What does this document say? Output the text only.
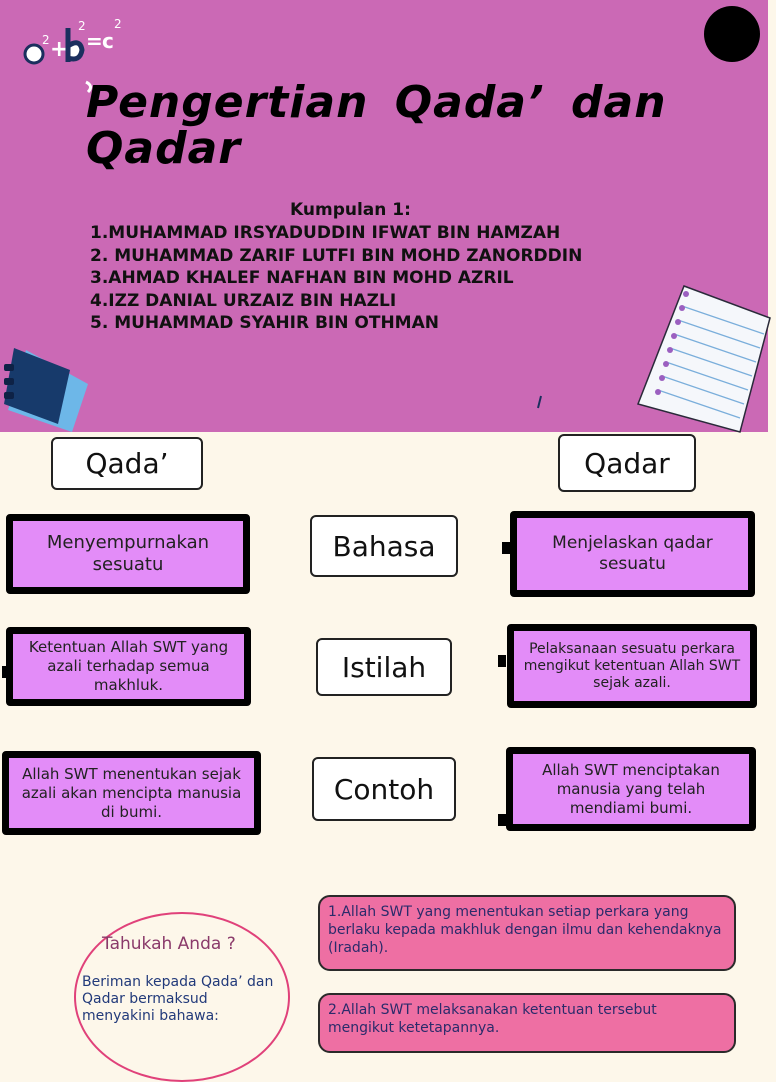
2 +
2
= c
2
Pengertian Qada’ dan Qadar
Kumpulan 1:
1.MUHAMMAD IRSYADUDDIN IFWAT BIN HAMZAH
2. MUHAMMAD ZARIF LUTFI BIN MOHD ZANORDDIN
3.AHMAD KHALEF NAFHAN BIN MOHD AZRIL
4.IZZ DANIAL URZAIZ BIN HAZLI
5. MUHAMMAD SYAHIR BIN OTHMAN
Qada’	Qadar
Menyempurnakan sesuatu
Bahasa	Menjelaskan qadar sesuatu
Ketentuan Allah SWT yang azali terhadap semua makhluk.
Istilah
Pelaksanaan sesuatu perkara mengikut ketentuan Allah SWT sejak azali.
Allah SWT menentukan sejak azali akan mencipta manusia di bumi.
Contoh
Allah SWT menciptakan manusia yang telah mendiami bumi.
Tahukah Anda ?
Beriman kepada Qada’ dan Qadar bermaksud menyakini bahawa:
1.Allah SWT yang menentukan setiap perkara yang berlaku kepada makhluk dengan ilmu dan kehendaknya (Iradah).
2.Allah SWT melaksanakan ketentuan tersebut mengikut ketetapannya.
